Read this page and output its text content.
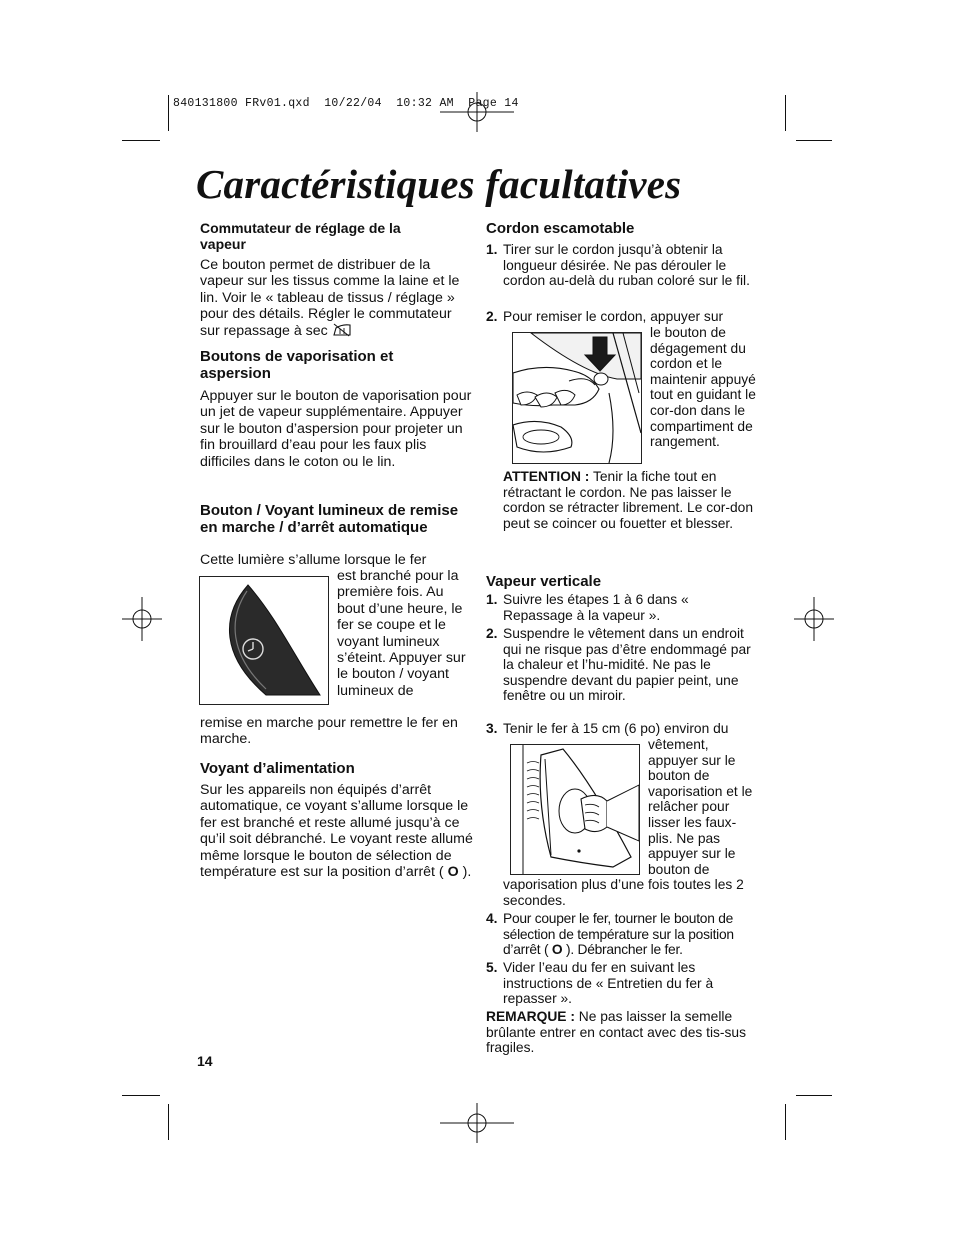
840131800 FRv01.qxd  10/22/04  10:32 AM  Page 14
Caractéristiques facultatives
Commutateur de réglage de la vapeur
Ce bouton permet de distribuer de la vapeur sur les tissus comme la laine et le lin. Voir le « tableau de tissus / réglage » pour des détails. Régler le commutateur sur repassage à sec
Boutons de vaporisation et aspersion
Appuyer sur le bouton de vaporisation pour un jet de vapeur supplémentaire. Appuyer sur le bouton d’aspersion pour projeter un fin brouillard d’eau pour les faux plis difficiles dans le coton ou le lin.
Bouton / Voyant lumineux de remise en marche / d’arrêt automatique
Cette lumière s’allume lorsque le fer
est branché pour la première fois. Au bout d’une heure, le fer se coupe et le voyant lumineux s’éteint. Appuyer sur le bouton / voyant lumineux de
remise en marche pour remettre le fer en marche.
Voyant d’alimentation
Sur les appareils non équipés d’arrêt automatique, ce voyant s’allume lorsque le fer est branché et reste allumé jusqu’à ce qu’il soit débranché. Le voyant reste allumé même lorsque le bouton de sélection de température est sur la position d’arrêt ( O ).
14
Cordon escamotable
1. Tirer sur le cordon jusqu’à obtenir la longueur désirée. Ne pas dérouler le cordon au-delà du ruban coloré sur le fil.
2. Pour remiser le cordon, appuyer sur
le bouton de dégagement du cordon et le maintenir appuyé tout en guidant le cor-don dans le compartiment de rangement.
ATTENTION : Tenir la fiche tout en rétractant le cordon. Ne pas laisser le cordon se rétracter librement. Le cor-don peut se coincer ou fouetter et blesser.
Vapeur verticale
1. Suivre les étapes 1 à 6 dans « Repassage à la vapeur ».
2. Suspendre le vêtement dans un endroit qui ne risque pas d’être endommagé par la chaleur et l’hu-midité. Ne pas le suspendre devant du papier peint, une fenêtre ou un miroir.
3. Tenir le fer à 15 cm (6 po) environ du
vêtement, appuyer sur le bouton de vaporisation et le relâcher pour lisser les faux-plis. Ne pas appuyer sur le bouton de
vaporisation plus d’une fois toutes les 2 secondes.
4. Pour couper le fer, tourner le bouton de sélection de température sur la position d’arrêt ( O ). Débrancher le fer.
5. Vider l’eau du fer en suivant les instructions de « Entretien du fer à repasser ».
REMARQUE : Ne pas laisser la semelle brûlante entrer en contact avec des tis-sus fragiles.
